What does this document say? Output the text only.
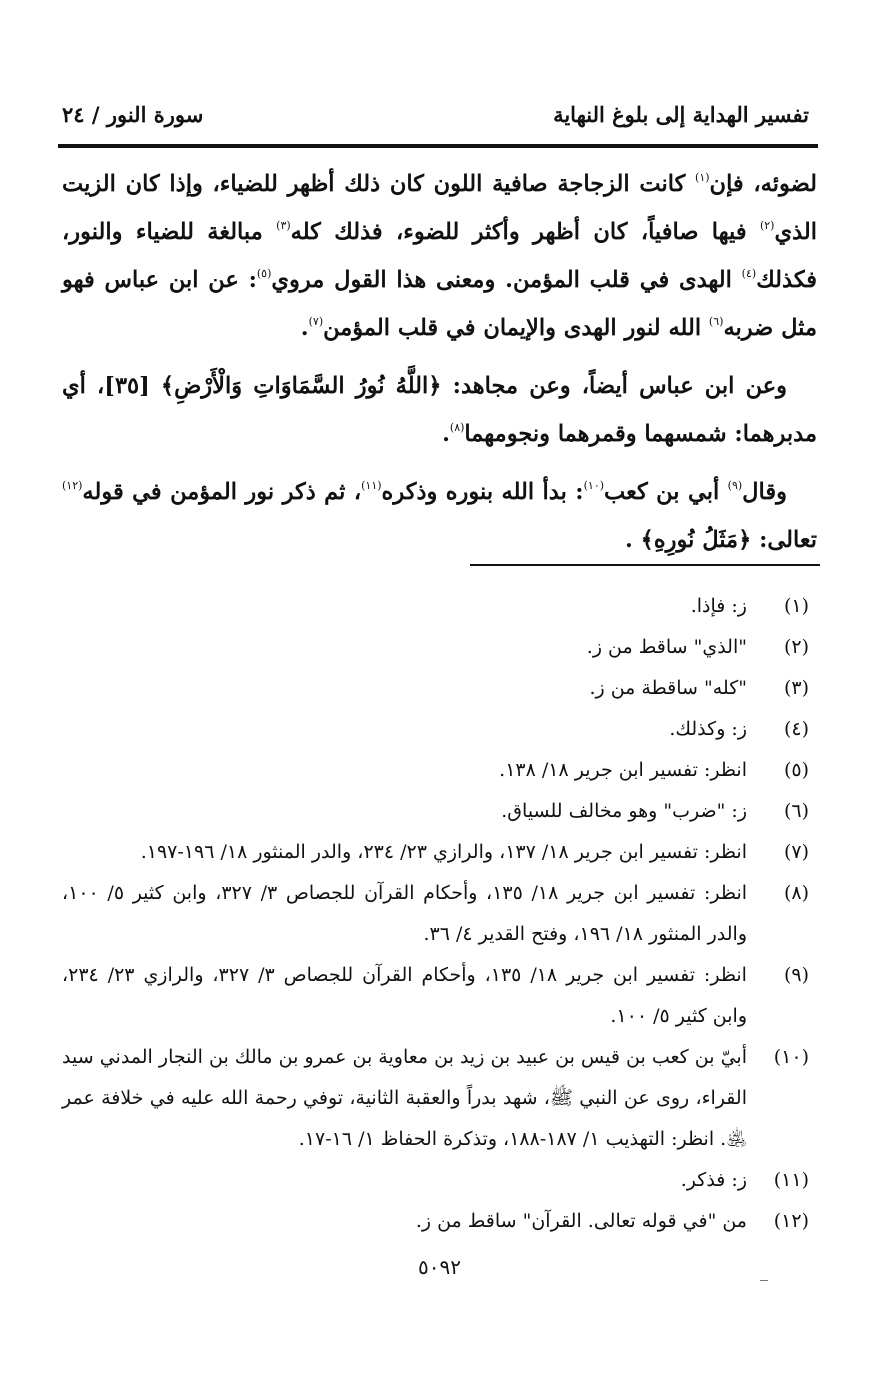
تفسير الهداية إلى بلوغ النهاية
سورة النور / ٢٤

لضوئه، فإن$^{(١)}$ كانت الزجاجة صافية اللون كان ذلك أظهر للضياء، وإذا كان الزيت الذي$^{(٢)}$ فيها صافياً، كان أظهر وأكثر للضوء، فذلك كله$^{(٣)}$ مبالغة للضياء والنور، فكذلك$^{(٤)}$ الهدى في قلب المؤمن. ومعنى هذا القول مروي$^{(٥)}$: عن ابن عباس فهو مثل ضربه$^{(٦)}$ الله لنور الهدى والإيمان في قلب المؤمن$^{(٧)}$.

وعن ابن عباس أيضاً، وعن مجاهد: ﴿اللَّهُ نُورُ السَّمَاوَاتِ وَالْأَرْضِ﴾ [٣٥]، أي مدبرهما: شمسهما وقمرهما ونجومهما$^{(٨)}$.

وقال$^{(٩)}$ أبي بن كعب$^{(١٠)}$: بدأ الله بنوره وذكره$^{(١١)}$، ثم ذكر نور المؤمن في قوله$^{(١٢)}$ تعالى: ﴿مَثَلُ نُورِهِ﴾ .

(١)
ز: فإذا.
(٢)
"الذي" ساقط من ز.
(٣)
"كله" ساقطة من ز.
(٤)
ز: وكذلك.
(٥)
انظر: تفسير ابن جرير ١٨/ ١٣٨.
(٦)
ز: "ضرب" وهو مخالف للسياق.
(٧)
انظر: تفسير ابن جرير ١٨/ ١٣٧، والرازي ٢٣/ ٢٣٤، والدر المنثور ١٨/ ١٩٦-١٩٧.
(٨)
انظر: تفسير ابن جرير ١٨/ ١٣٥، وأحكام القرآن للجصاص ٣/ ٣٢٧، وابن كثير ٥/ ١٠٠، والدر المنثور ١٨/ ١٩٦، وفتح القدير ٤/ ٣٦.
(٩)
انظر: تفسير ابن جرير ١٨/ ١٣٥، وأحكام القرآن للجصاص ٣/ ٣٢٧، والرازي ٢٣/ ٢٣٤، وابن كثير ٥/ ١٠٠.
(١٠)
أبيّ بن كعب بن قيس بن عبيد بن زيد بن معاوية بن عمرو بن مالك بن النجار المدني سيد القراء، روى عن النبي ﷺ، شهد بدراً والعقبة الثانية، توفي رحمة الله عليه في خلافة عمر ﵁. انظر: التهذيب ١/ ١٨٧-١٨٨، وتذكرة الحفاظ ١/ ١٦-١٧.
(١١)
ز: فذكر.
(١٢)
من "في قوله تعالى. القرآن" ساقط من ز.
٥٠٩٢
